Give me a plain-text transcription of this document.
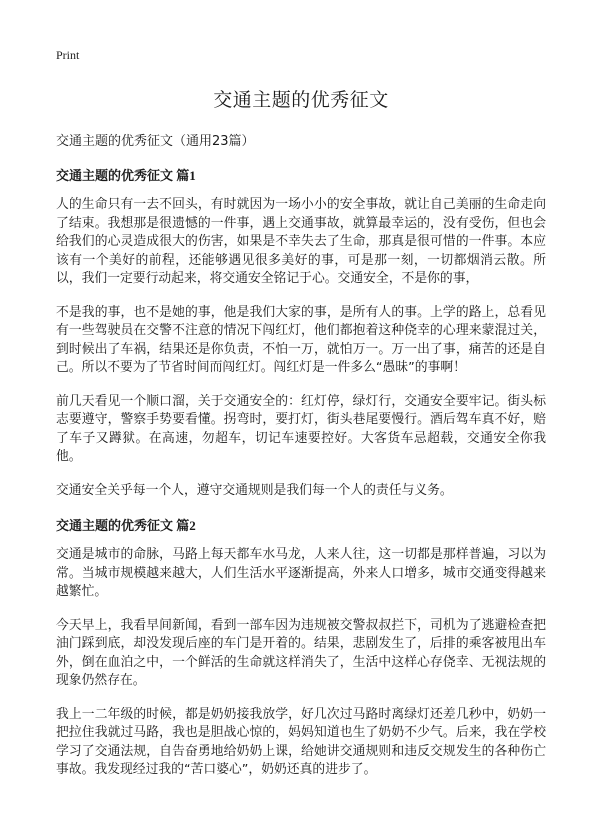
Print
交通主题的优秀征文
交通主题的优秀征文（通用23篇）
交通主题的优秀征文 篇1

人的生命只有一去不回头，有时就因为一场小小的安全事故，就让自己美丽的生命走向了结束。我想那是很遗憾的一件事，遇上交通事故，就算最幸运的，没有受伤，但也会给我们的心灵造成很大的伤害，如果是不幸失去了生命，那真是很可惜的一件事。本应该有一个美好的前程，还能够遇见很多美好的事，可是那一刻，一切都烟消云散。所以，我们一定要行动起来，将交通安全铭记于心。交通安全，不是你的事，

不是我的事，也不是她的事，他是我们大家的事，是所有人的事。上学的路上，总看见有一些驾驶员在交警不注意的情况下闯红灯，他们都抱着这种侥幸的心理来蒙混过关，到时候出了车祸，结果还是你负责，不怕一万，就怕万一。万一出了事，痛苦的还是自己。所以不要为了节省时间而闯红灯。闯红灯是一件多么“愚昧”的事啊！

前几天看见一个顺口溜，关于交通安全的：红灯停，绿灯行，交通安全要牢记。街头标志要遵守，警察手势要看懂。拐弯时，要打灯，街头巷尾要慢行。酒后驾车真不好，赔了车子又蹲狱。在高速，勿超车，切记车速要控好。大客货车忌超载，交通安全你我他。

交通安全关乎每一个人，遵守交通规则是我们每一个人的责任与义务。

交通主题的优秀征文 篇2

交通是城市的命脉，马路上每天都车水马龙，人来人往，这一切都是那样普遍，习以为常。当城市规模越来越大，人们生活水平逐渐提高，外来人口增多，城市交通变得越来越繁忙。

今天早上，我看早间新闻，看到一部车因为违规被交警叔叔拦下，司机为了逃避检查把油门踩到底，却没发现后座的车门是开着的。结果，悲剧发生了，后排的乘客被甩出车外，倒在血泊之中，一个鲜活的生命就这样消失了，生活中这样心存侥幸、无视法规的现象仍然存在。

我上一二年级的时候，都是奶奶接我放学，好几次过马路时离绿灯还差几秒中，奶奶一把拉住我就过马路，我也是胆战心惊的，妈妈知道也生了奶奶不少气。后来，我在学校学习了交通法规，自告奋勇地给奶奶上课，给她讲交通规则和违反交规发生的各种伤亡事故。我发现经过我的“苦口婆心”，奶奶还真的进步了。
